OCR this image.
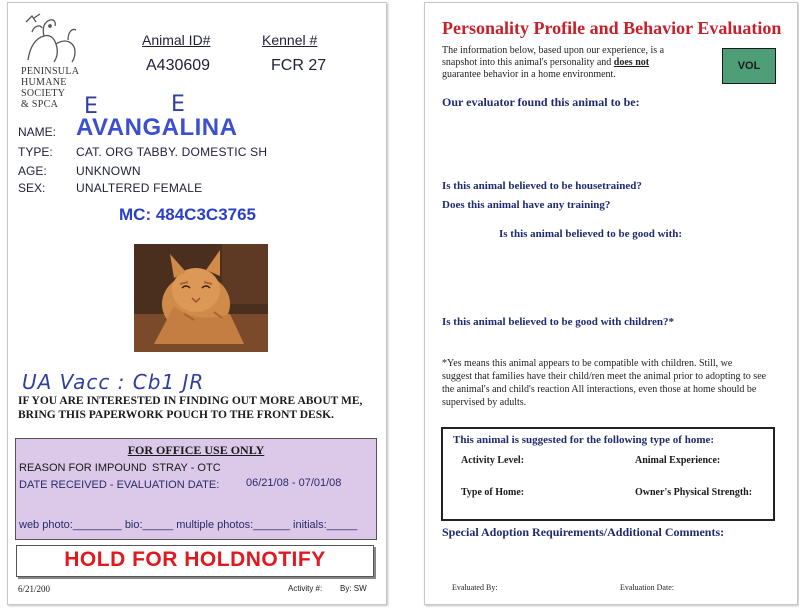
PENINSULA
HUMANE
SOCIETY
& SPCA
Animal ID#
A430609
Kennel #
FCR 27
E	E
NAME: AVANGALINA
TYPE: CAT. ORG TABBY. DOMESTIC SH
AGE: UNKNOWN
SEX:	UNALTERED FEMALE
MC: 484C3C3765
UA Vacc : Cb1 JR
IF YOU ARE INTERESTED IN FINDING OUT MORE ABOUT ME,
BRING THIS PAPERWORK POUCH TO THE FRONT DESK.
FOR OFFICE USE ONLY
REASON FOR IMPOUND STRAY - OTC
DATE RECEIVED - EVALUATION DATE: 06/21/08 - 07/01/08
web photo:________ bio:_____ multiple photos:______ initials:_____
HOLD FOR HOLDNOTIFY
6/21/200	Activity #: By: SW
Personality Profile and Behavior Evaluation
The information below, based upon our experience, is a
snapshot into this animal's personality and does not
guarantee behavior in a home environment.
VOL
Our evaluator found this animal to be:
Is this animal believed to be housetrained?
Does this animal have any training?
Is this animal believed to be good with:
Is this animal believed to be good with children?*
*Yes means this animal appears to be compatible with children. Still, we
suggest that families have their child/ren meet the animal prior to adopting to see
the animal's and child's reaction All interactions, even those at home should be
supervised by adults.
This animal is suggested for the following type of home:
Activity Level:	Animal Experience:
Type of Home:	Owner's Physical Strength:
Special Adoption Requirements/Additional Comments:
Evaluated By:	Evaluation Date:
